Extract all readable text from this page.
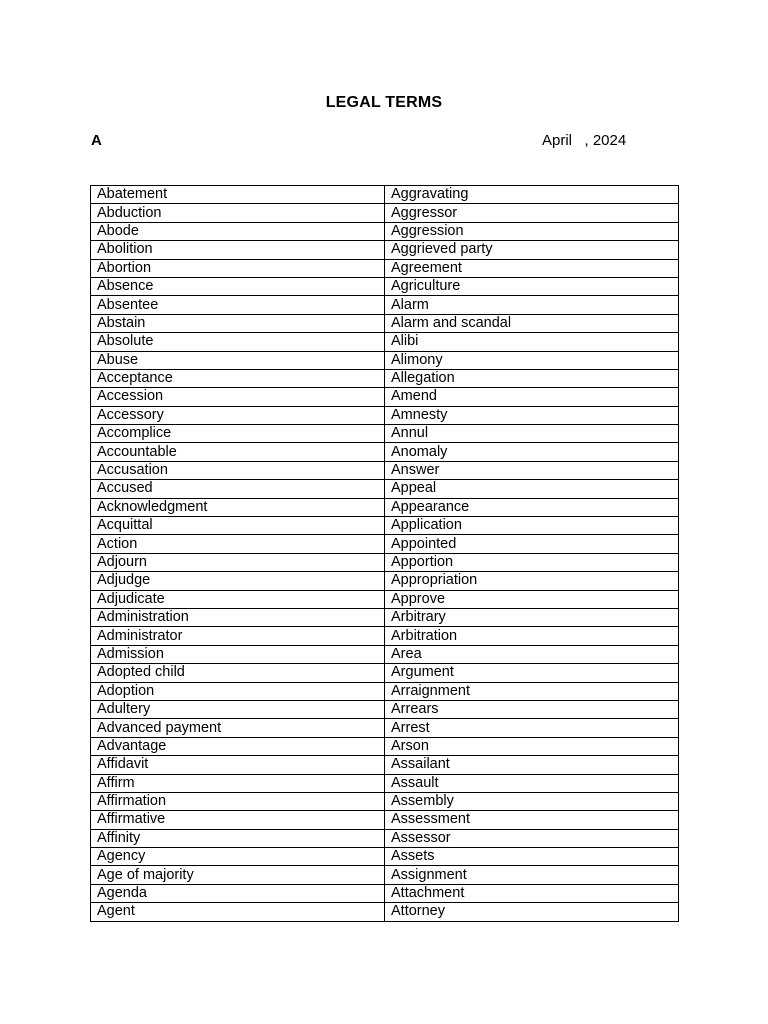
LEGAL TERMS
A	April   , 2024
Abatement	Aggravating
Abduction	Aggressor
Abode	Aggression
Abolition	Aggrieved party
Abortion	Agreement
Absence	Agriculture
Absentee	Alarm
Abstain	Alarm and scandal
Absolute	Alibi
Abuse	Alimony
Acceptance	Allegation
Accession	Amend
Accessory	Amnesty
Accomplice	Annul
Accountable	Anomaly
Accusation	Answer
Accused	Appeal
Acknowledgment	Appearance
Acquittal	Application
Action	Appointed
Adjourn	Apportion
Adjudge	Appropriation
Adjudicate	Approve
Administration	Arbitrary
Administrator	Arbitration
Admission	Area
Adopted child	Argument
Adoption	Arraignment
Adultery	Arrears
Advanced payment	Arrest
Advantage	Arson
Affidavit	Assailant
Affirm	Assault
Affirmation	Assembly
Affirmative	Assessment
Affinity	Assessor
Agency	Assets
Age of majority	Assignment
Agenda	Attachment
Agent	Attorney
